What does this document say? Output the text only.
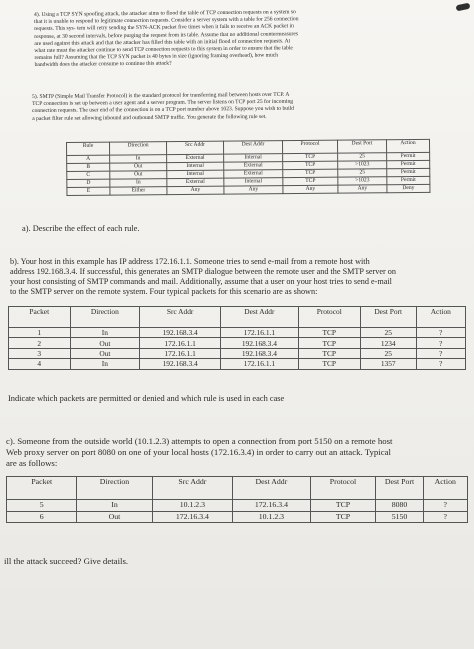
4). Using a TCP SYN spoofing attack, the attacker aims to flood the table of TCP connection requests on a system so
that it is unable to respond to legitimate connection requests. Consider a server system with a table for 256 connection
requests. This sys- tem will retry sending the SYN-ACK packet five times when it fails to receive an ACK packet in
response, at 30 second intervals, before purging the request from its table. Assume that no additional countermeasures
are used against this attack and that the attacker has filled this table with an initial flood of connection requests. At
what rate must the attacker continue to send TCP connection requests to this system in order to ensure that the table
remains full? Assuming that the TCP SYN packet is 40 bytes in size (ignoring framing overhead), how much
bandwidth does the attacker consume to continue this attack?
5). SMTP (Simple Mail Transfer Protocol) is the standard protocol for transferring mail between hosts over TCP. A
TCP connection is set up between a user agent and a server program. The server listens on TCP port 25 for incoming
connection requests. The user end of the connection is on a TCP port number above 1023. Suppose you wish to build
a packet filter rule set allowing inbound and outbound SMTP traffic. You generate the following rule set.
Rule	Direction	Src Addr	Dest Addr	Protocol	Dest Port	Action
A	In	External	Internal	TCP	25	Permit
B	Out	Internal	External	TCP	>1023	Permit
C	Out	Internal	External	TCP	25	Permit
D	In	External	Internal	TCP	>1023	Permit
E	Either	Any	Any	Any	Any	Deny
a). Describe the effect of each rule.
b). Your host in this example has IP address 172.16.1.1. Someone tries to send e-mail from a remote host with
address 192.168.3.4. If successful, this generates an SMTP dialogue between the remote user and the SMTP server on
your host consisting of SMTP commands and mail. Additionally, assume that a user on your host tries to send e-mail
to the SMTP server on the remote system. Four typical packets for this scenario are as shown:
Packet	Direction	Src Addr	Dest Addr	Protocol	Dest Port	Action
1	In	192.168.3.4	172.16.1.1	TCP	25	?
2	Out	172.16.1.1	192.168.3.4	TCP	1234	?
3	Out	172.16.1.1	192.168.3.4	TCP	25	?
4	In	192.168.3.4	172.16.1.1	TCP	1357	?
Indicate which packets are permitted or denied and which rule is used in each case
c). Someone from the outside world (10.1.2.3) attempts to open a connection from port 5150 on a remote host
Web proxy server on port 8080 on one of your local hosts (172.16.3.4) in order to carry out an attack. Typical
are as follows:
Packet	Direction	Src Addr	Dest Addr	Protocol	Dest Port	Action
5	In	10.1.2.3	172.16.3.4	TCP	8080	?
6	Out	172.16.3.4	10.1.2.3	TCP	5150	?
ill the attack succeed? Give details.
